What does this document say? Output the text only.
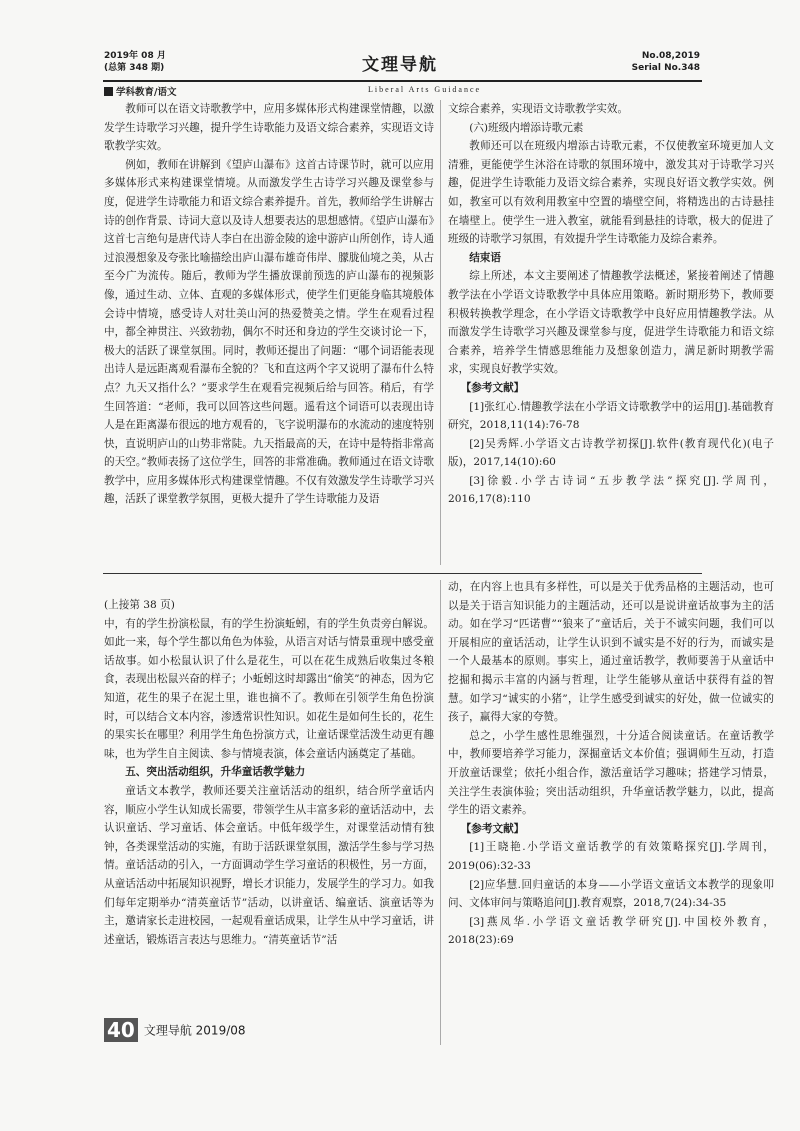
2019年 08 月
(总第 348 期)	文理导航	No.08,2019
Serial No.348
学科教育/语文	Liberal Arts Guidance

教师可以在语文诗歌教学中，应用多媒体形式构建课堂情趣，以激发学生诗歌学习兴趣，提升学生诗歌能力及语文综合素养，实现语文诗歌教学实效。

例如，教师在讲解到《望庐山瀑布》这首古诗课节时，就可以应用多媒体形式来构建课堂情境。从而激发学生古诗学习兴趣及课堂参与度，促进学生诗歌能力和语文综合素养提升。首先，教师给学生讲解古诗的创作背景、诗词大意以及诗人想要表达的思想感情。《望庐山瀑布》这首七言绝句是唐代诗人李白在出游金陵的途中游庐山所创作，诗人通过浪漫想象及夸张比喻描绘出庐山瀑布雄奇伟岸、朦胧仙境之美，从古至今广为流传。随后，教师为学生播放课前预选的庐山瀑布的视频影像，通过生动、立体、直观的多媒体形式，使学生们更能身临其境般体会诗中情境，感受诗人对壮美山河的热爱赞美之情。学生在观看过程中，都全神贯注、兴致勃勃，偶尔不时还和身边的学生交谈讨论一下，极大的活跃了课堂氛围。同时，教师还提出了问题：“哪个词语能表现出诗人是远距离观看瀑布全貌的？飞和直这两个字又说明了瀑布什么特点？九天又指什么？”要求学生在观看完视频后给与回答。稍后，有学生回答道：“老师，我可以回答这些问题。遥看这个词语可以表现出诗人是在距离瀑布很远的地方观看的，飞字说明瀑布的水流动的速度特别快，直说明庐山的山势非常陡。九天指最高的天，在诗中是特指非常高的天空。”教师表扬了这位学生，回答的非常准确。教师通过在语文诗歌教学中，应用多媒体形式构建课堂情趣。不仅有效激发学生诗歌学习兴趣，活跃了课堂教学氛围，更极大提升了学生诗歌能力及语

文综合素养，实现语文诗歌教学实效。

(六)班级内增添诗歌元素

教师还可以在班级内增添古诗歌元素，不仅使教室环境更加人文清雅，更能使学生沐浴在诗歌的氛围环境中，激发其对于诗歌学习兴趣，促进学生诗歌能力及语文综合素养，实现良好语文教学实效。例如，教室可以有效利用教室中空置的墙壁空间，将精选出的古诗悬挂在墙壁上。使学生一进入教室，就能看到悬挂的诗歌，极大的促进了班级的诗歌学习氛围，有效提升学生诗歌能力及综合素养。

结束语

综上所述，本文主要阐述了情趣教学法概述，紧接着阐述了情趣教学法在小学语文诗歌教学中具体应用策略。新时期形势下，教师要积极转换教学理念，在小学语文诗歌教学中良好应用情趣教学法。从而激发学生诗歌学习兴趣及课堂参与度，促进学生诗歌能力和语文综合素养，培养学生情感思维能力及想象创造力，满足新时期教学需求，实现良好教学实效。

【参考文献】

[1]张红心.情趣教学法在小学语文诗歌教学中的运用[J].基础教育研究，2018,11(14):76-78

[2]吴秀辉.小学语文古诗教学初探[J].软件(教育现代化)(电子版)，2017,14(10):60

[3]徐毅.小学古诗词“五步教学法”探究[J].学周刊，2016,17(8):110

(上接第 38 页)

中，有的学生扮演松鼠，有的学生扮演蚯蚓，有的学生负责旁白解说。如此一来，每个学生都以角色为体验，从语言对话与情景重现中感受童话故事。如小松鼠认识了什么是花生，可以在花生成熟后收集过冬粮食，表现出松鼠兴奋的样子；小蚯蚓这时却露出“偷笑”的神态，因为它知道，花生的果子在泥土里，谁也摘不了。教师在引领学生角色扮演时，可以结合文本内容，渗透常识性知识。如花生是如何生长的，花生的果实长在哪里？利用学生角色扮演方式，让童话课堂活泼生动更有趣味，也为学生自主阅读、参与情境表演，体会童话内涵奠定了基础。

五、突出活动组织，升华童话教学魅力

童话文本教学，教师还要关注童话活动的组织，结合所学童话内容，顺应小学生认知成长需要，带领学生从丰富多彩的童话活动中，去认识童话、学习童话、体会童话。中低年级学生，对课堂活动情有独钟，各类课堂活动的实施，有助于活跃课堂氛围，激活学生参与学习热情。童话活动的引入，一方面调动学生学习童话的积极性，另一方面，从童话活动中拓展知识视野，增长才识能力，发展学生的学习力。如我们每年定期举办“清英童话节”活动，以讲童话、编童话、演童话等为主，邀请家长走进校园，一起观看童话成果，让学生从中学习童话，讲述童话，锻炼语言表达与思维力。“清英童话节”活

动，在内容上也具有多样性，可以是关于优秀品格的主题活动，也可以是关于语言知识能力的主题活动，还可以是说讲童话故事为主的活动。如在学习“匹诺曹”“狼来了”童话后，关于不诚实问题，我们可以开展相应的童话活动，让学生认识到不诚实是不好的行为，而诚实是一个人最基本的原则。事实上，通过童话教学，教师要善于从童话中挖掘和揭示丰富的内涵与哲理，让学生能够从童话中获得有益的智慧。如学习“诚实的小猪”，让学生感受到诚实的好处，做一位诚实的孩子，赢得大家的夸赞。

总之，小学生感性思维强烈，十分适合阅读童话。在童话教学中，教师要培养学习能力，深掘童话文本价值；强调师生互动，打造开放童话课堂；依托小组合作，激活童话学习趣味；搭建学习情景，关注学生表演体验；突出活动组织，升华童话教学魅力，以此，提高学生的语文素养。

【参考文献】

[1]王晓艳.小学语文童话教学的有效策略探究[J].学周刊，2019(06):32-33

[2]应华慧.回归童话的本身——小学语文童话文本教学的现象叩问、文体审问与策略追问[J].教育观察，2018,7(24):34-35

[3]燕凤华.小学语文童话教学研究[J].中国校外教育，2018(23):69

40 文理导航 2019/08
